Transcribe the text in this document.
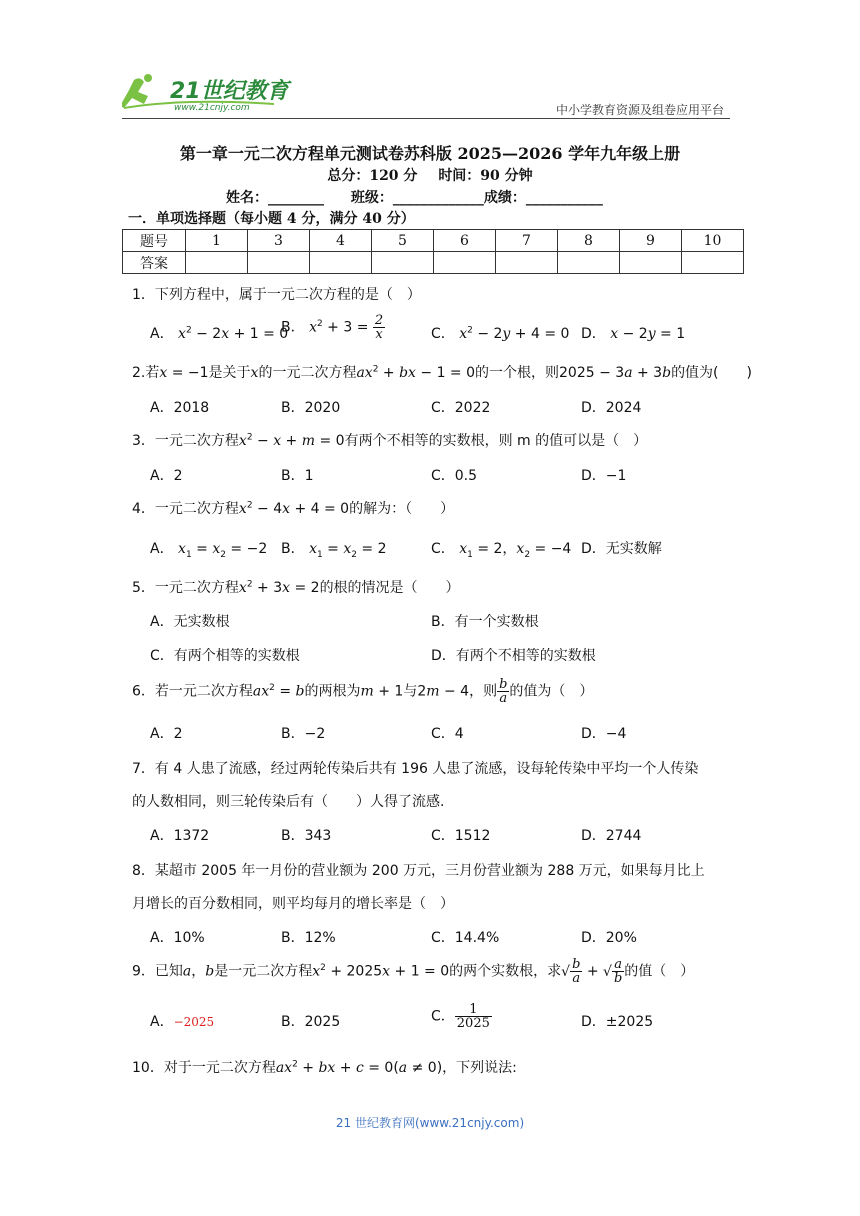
21世纪教育
www.21cnjy.com	中小学教育资源及组卷应用平台
第一章一元二次方程单元测试卷苏科版 2025—2026 学年九年级上册
总分：120 分 时间：90 分钟
姓名：________ 班级：_____________成绩：___________
一．单项选择题（每小题 4 分，满分 40 分）
题号	1	3	4	5	6	7	8	9	10
答案									
1．下列方程中，属于一元二次方程的是（　）
A． $x^2 - 2x + 1 = 0$
B． $x^2 + 3 = \frac{2}{x}$	C． $x^2 - 2y + 4 = 0$ D． x − 2y = 1
2.若x = −1是关于x的一元二次方程$ax^2$ + bx − 1 = 0的一个根，则2025 − 3a + 3b的值为(　　)
A．2018	B．2020	C．2022	D．2024
3．一元二次方程$x^2 - x + m = 0$有两个不相等的实数根，则 m 的值可以是（　）
A．2	B．1	C．0.5	D．−1
4．一元二次方程$x^2 - 4x + 4 = 0$的解为：（　　）
A． $x_1 = x_2 = -2$ B． $x_1 = x_2 = 2$	C． $x_1 = 2$，$x_2 = -4$ D．无实数解
5．一元二次方程$x^2 + 3x = 2$的根的情况是（　　）
A．无实数根	B．有一个实数根
C．有两个相等的实数根	D．有两个不相等的实数根
6．若一元二次方程$ax^2 = b$的两根为m + 1与2m − 4，则 $\frac{b}{a}$ 的值为（　）
A．2	B．−2	C．4	D．−4
7．有 4 人患了流感，经过两轮传染后共有 196 人患了流感，设每轮传染中平均一个人传染
的人数相同，则三轮传染后有（　　）人得了流感.
A．1372	B．343	C．1512	D．2744
8．某超市 2005 年一月份的营业额为 200 万元，三月份营业额为 288 万元，如果每月比上
月增长的百分数相同，则平均每月的增长率是（　）
A．10%	B．12%	C．14.4%	D．20%
9．已知a，b是一元二次方程$x^2 + 2025x + 1 = 0$的两个实数根，求√ $\frac{b}{a}$ + √ $\frac{a}{b}$ 的值（　）
A．−2025	B．2025	C． $\frac{1}{2025}$	D．±2025
10．对于一元二次方程$ax^2$ + bx + c = 0(a ≠ 0)，下列说法:
21 世纪教育网(www.21cnjy.com)
